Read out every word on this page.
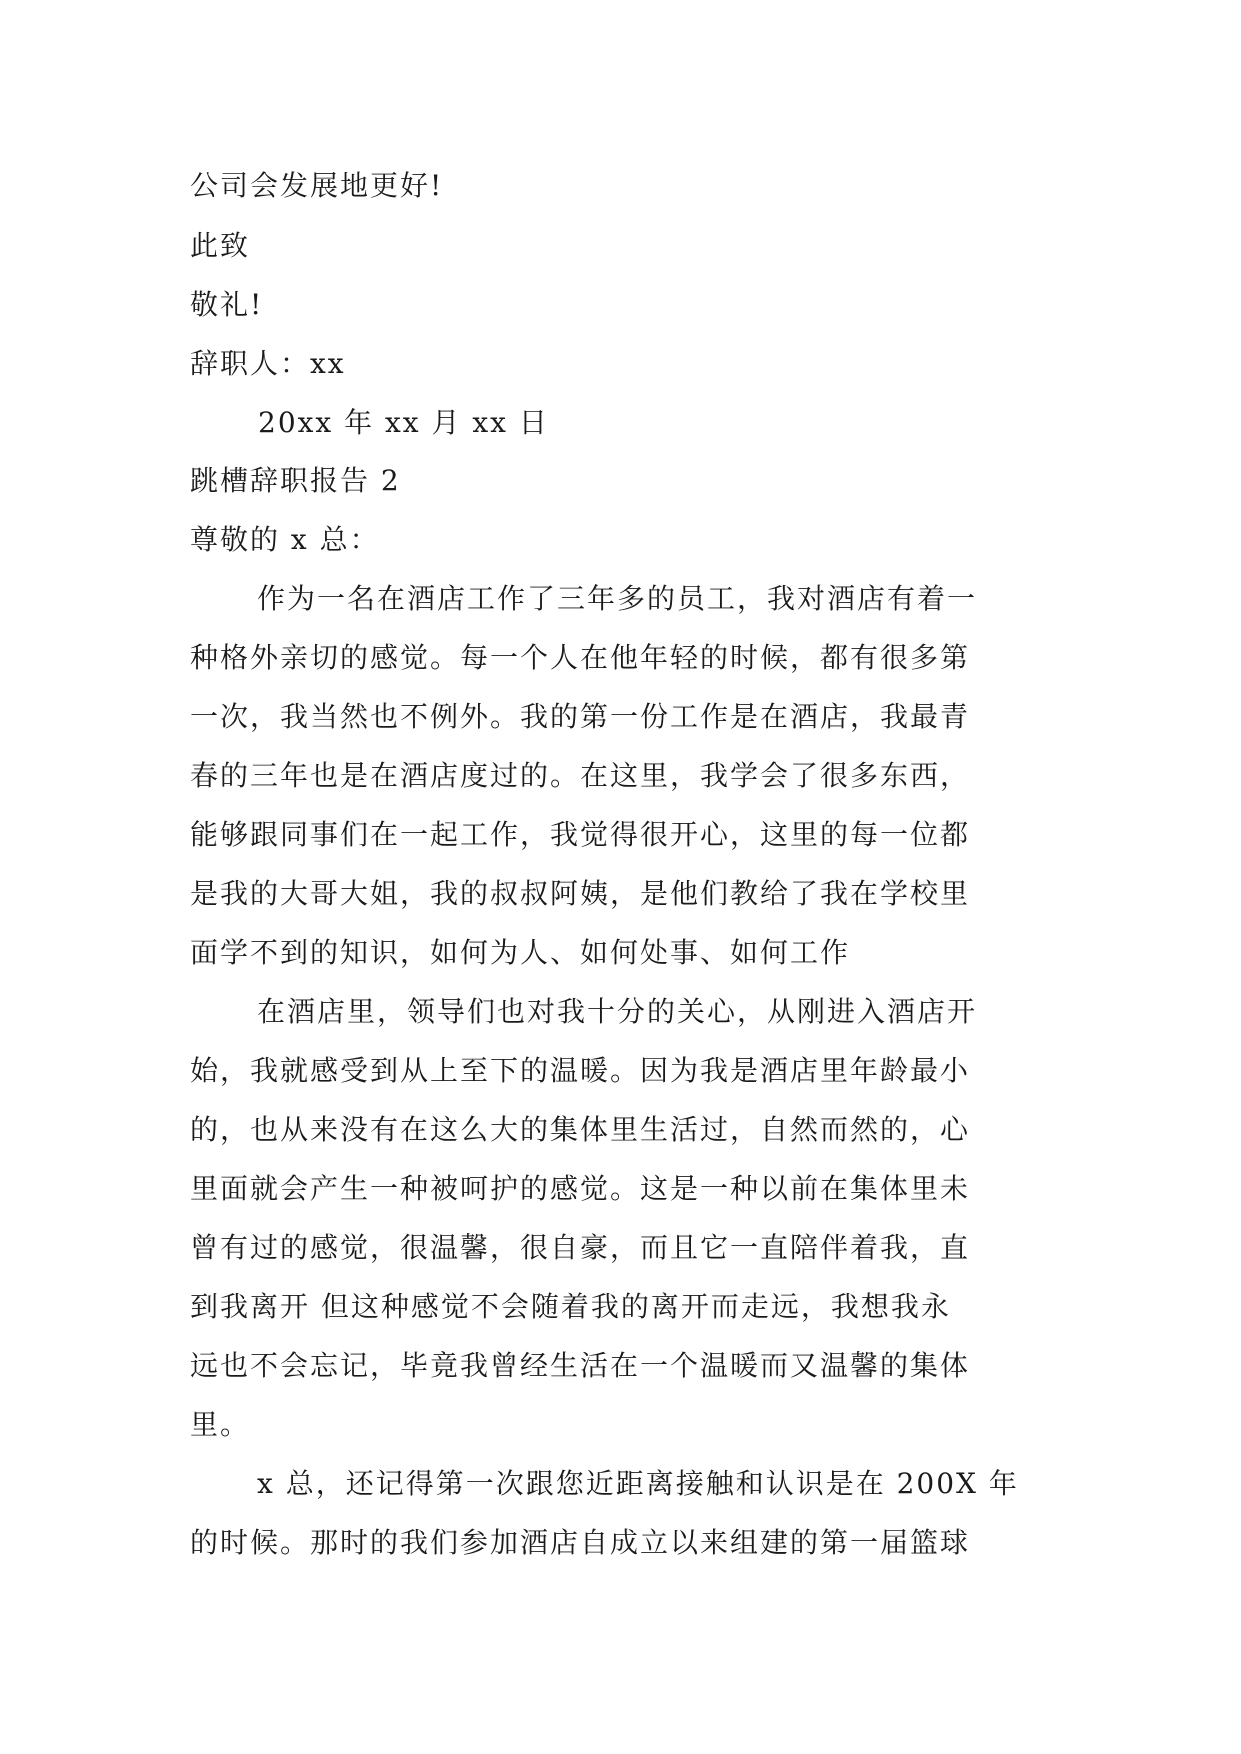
公司会发展地更好!
此致
敬礼!
辞职人：xx
20xx 年 xx 月 xx 日
跳槽辞职报告 2
尊敬的 x 总：
作为一名在酒店工作了三年多的员工，我对酒店有着一
种格外亲切的感觉。每一个人在他年轻的时候，都有很多第
一次，我当然也不例外。我的第一份工作是在酒店，我最青
春的三年也是在酒店度过的。在这里，我学会了很多东西，
能够跟同事们在一起工作，我觉得很开心，这里的每一位都
是我的大哥大姐，我的叔叔阿姨，是他们教给了我在学校里
面学不到的知识，如何为人、如何处事、如何工作
在酒店里，领导们也对我十分的关心，从刚进入酒店开
始，我就感受到从上至下的温暖。因为我是酒店里年龄最小
的，也从来没有在这么大的集体里生活过，自然而然的，心
里面就会产生一种被呵护的感觉。这是一种以前在集体里未
曾有过的感觉，很温馨，很自豪，而且它一直陪伴着我，直
到我离开 但这种感觉不会随着我的离开而走远，我想我永
远也不会忘记，毕竟我曾经生活在一个温暖而又温馨的集体
里。
x 总，还记得第一次跟您近距离接触和认识是在 200X 年
的时候。那时的我们参加酒店自成立以来组建的第一届篮球
